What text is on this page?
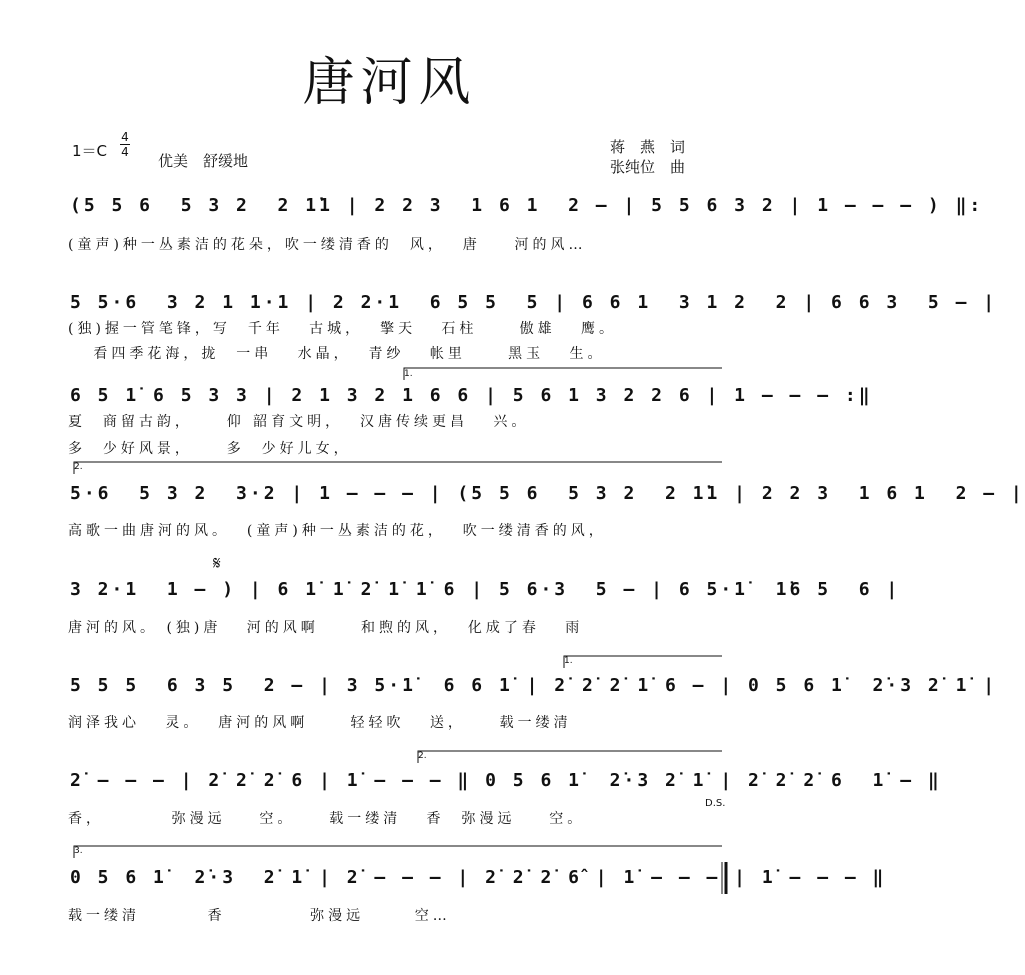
唐河风
1＝C
4
4 优美　舒缓地
蒋　燕　词
张纯位　曲
(5 5 6  5 3 2  2 1̇1 | 2 2 3  1 6 1  2 – | 5 5 6 3 2 | 1 – – – ) ‖:
(童声)种一丛素洁的花朵，吹一缕清香的  风，  唐    河的风…
5 5·6  3 2 1 1·1 | 2 2·1  6 5 5  5 | 6 6 1  3 1 2  2 | 6 6 3  5 – |
(独)握一管笔锋，写  千年   古城，  擎天   石柱     傲雄   鹰。
看四季花海，拢  一串   水晶，  青纱   帐里     黑玉   生。
1.
6 5 1̇ 6 5 3 3 | 2 1 3 2 1 6 6 | 5 6 1 3 2 2 6 | 1 – – – :‖
夏  商留古韵，    仰 韶育文明，  汉唐传续更昌   兴。
多  少好风景，    多  少好儿女，
2.
5·6  5 3 2  3·2 | 1 – – – | (5 5 6  5 3 2  2 1̇1 | 2 2 3  1 6 1  2 – |
高歌一曲唐河的风。  (童声)种一丛素洁的花，  吹一缕清香的风，
𝄋
3 2·1  1 – ) | 6 1̇ 1̇ 2̇ 1̇ 1̇ 6 | 5 6·3  5 – | 6 5·1̇  1̇6 5  6 |
唐河的风。 (独)唐   河的风啊     和煦的风，  化成了春   雨
1.
5 5 5  6 3 5  2 – | 3 5·1̇  6 6 1̇ | 2̇ 2̇ 2̇ 1̇ 6 – | 0 5 6 1̇  2̇·3 2̇ 1̇ |
润泽我心   灵。  唐河的风啊     轻轻吹   送，    载一缕清
2.
2̇ – – – | 2̇ 2̇ 2̇ 6 | 1̇ – – – ‖ 0 5 6 1̇  2̇·3 2̇ 1̇ | 2̇ 2̇ 2̇ 6  1̇ – ‖
D.S.
香，        弥漫远    空。    载一缕清   香  弥漫远    空。
3.
0 5 6 1̇  2̇·3  2̇ 1̇ | 2̇ – – – | 2̇ 2̇ 2̇ 6̂ | 1̇ – – – | 1̇ – – – ‖
载一缕清        香          弥漫远      空…
